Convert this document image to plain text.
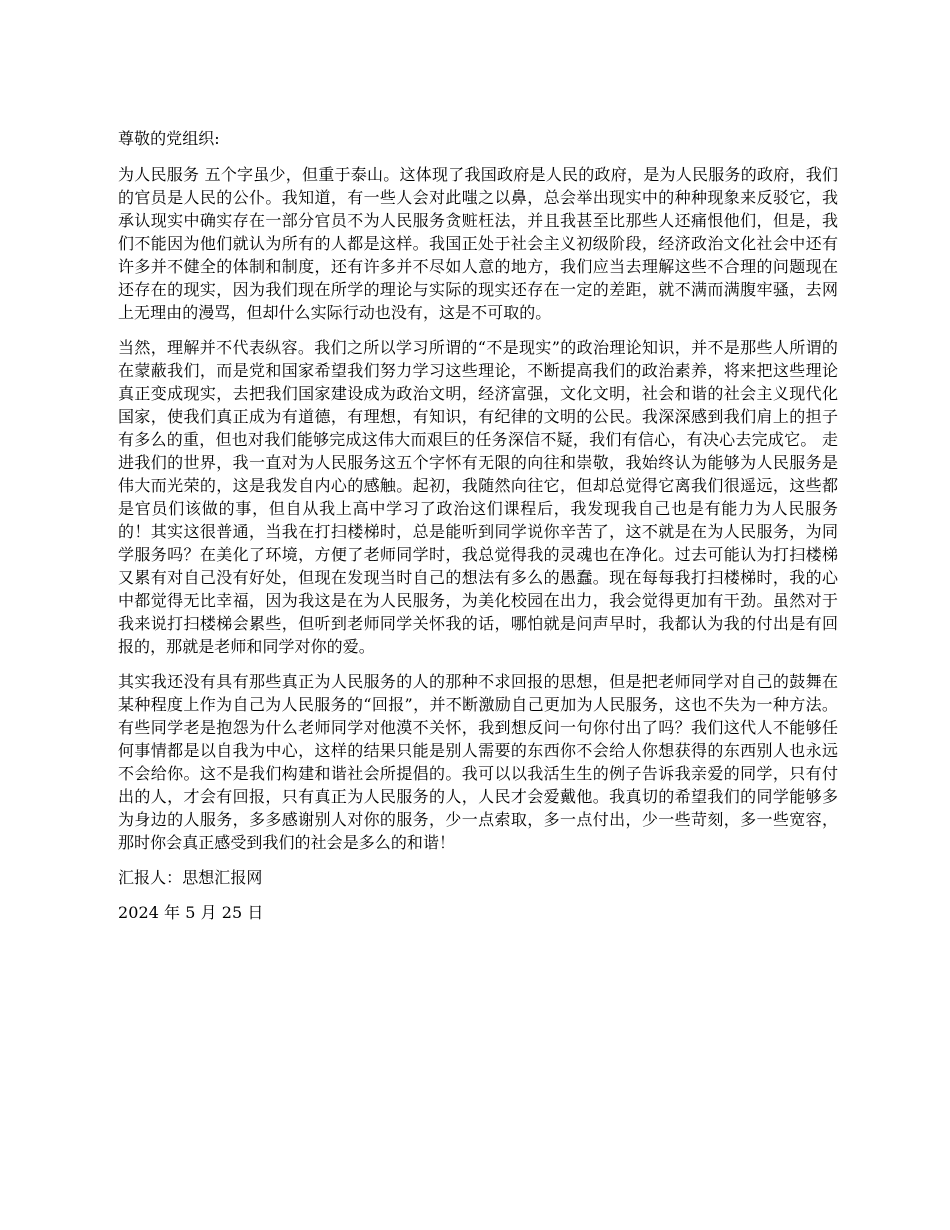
尊敬的党组织:

为人民服务 五个字虽少，但重于泰山。这体现了我国政府是人民的政府，是为人民服务的政府，我们的官员是人民的公仆。我知道，有一些人会对此嗤之以鼻，总会举出现实中的种种现象来反驳它，我承认现实中确实存在一部分官员不为人民服务贪赃枉法，并且我甚至比那些人还痛恨他们，但是，我们不能因为他们就认为所有的人都是这样。我国正处于社会主义初级阶段，经济政治文化社会中还有许多并不健全的体制和制度，还有许多并不尽如人意的地方，我们应当去理解这些不合理的问题现在还存在的现实，因为我们现在所学的理论与实际的现实还存在一定的差距，就不满而满腹牢骚，去网上无理由的漫骂，但却什么实际行动也没有，这是不可取的。

当然，理解并不代表纵容。我们之所以学习所谓的“不是现实”的政治理论知识，并不是那些人所谓的在蒙蔽我们，而是党和国家希望我们努力学习这些理论，不断提高我们的政治素养，将来把这些理论真正变成现实，去把我们国家建设成为政治文明，经济富强，文化文明，社会和谐的社会主义现代化国家，使我们真正成为有道德，有理想，有知识，有纪律的文明的公民。我深深感到我们肩上的担子有多么的重，但也对我们能够完成这伟大而艰巨的任务深信不疑，我们有信心，有决心去完成它。 走进我们的世界，我一直对为人民服务这五个字怀有无限的向往和崇敬，我始终认为能够为人民服务是伟大而光荣的，这是我发自内心的感触。起初，我随然向往它，但却总觉得它离我们很遥远，这些都是官员们该做的事，但自从我上高中学习了政治这们课程后，我发现我自己也是有能力为人民服务的！其实这很普通，当我在打扫楼梯时，总是能听到同学说你辛苦了，这不就是在为人民服务，为同学服务吗？在美化了环境，方便了老师同学时，我总觉得我的灵魂也在净化。过去可能认为打扫楼梯又累有对自己没有好处，但现在发现当时自己的想法有多么的愚蠢。现在每每我打扫楼梯时，我的心中都觉得无比幸福，因为我这是在为人民服务，为美化校园在出力，我会觉得更加有干劲。虽然对于我来说打扫楼梯会累些，但听到老师同学关怀我的话，哪怕就是问声早时，我都认为我的付出是有回报的，那就是老师和同学对你的爱。

其实我还没有具有那些真正为人民服务的人的那种不求回报的思想，但是把老师同学对自己的鼓舞在某种程度上作为自己为人民服务的“回报”，并不断激励自己更加为人民服务，这也不失为一种方法。有些同学老是抱怨为什么老师同学对他漠不关怀，我到想反问一句你付出了吗？我们这代人不能够任何事情都是以自我为中心，这样的结果只能是别人需要的东西你不会给人你想获得的东西别人也永远不会给你。这不是我们构建和谐社会所提倡的。我可以以我活生生的例子告诉我亲爱的同学，只有付出的人，才会有回报，只有真正为人民服务的人，人民才会爱戴他。我真切的希望我们的同学能够多为身边的人服务，多多感谢别人对你的服务，少一点索取，多一点付出，少一些苛刻，多一些宽容，那时你会真正感受到我们的社会是多么的和谐！

汇报人：思想汇报网

2024 年 5 月 25 日
